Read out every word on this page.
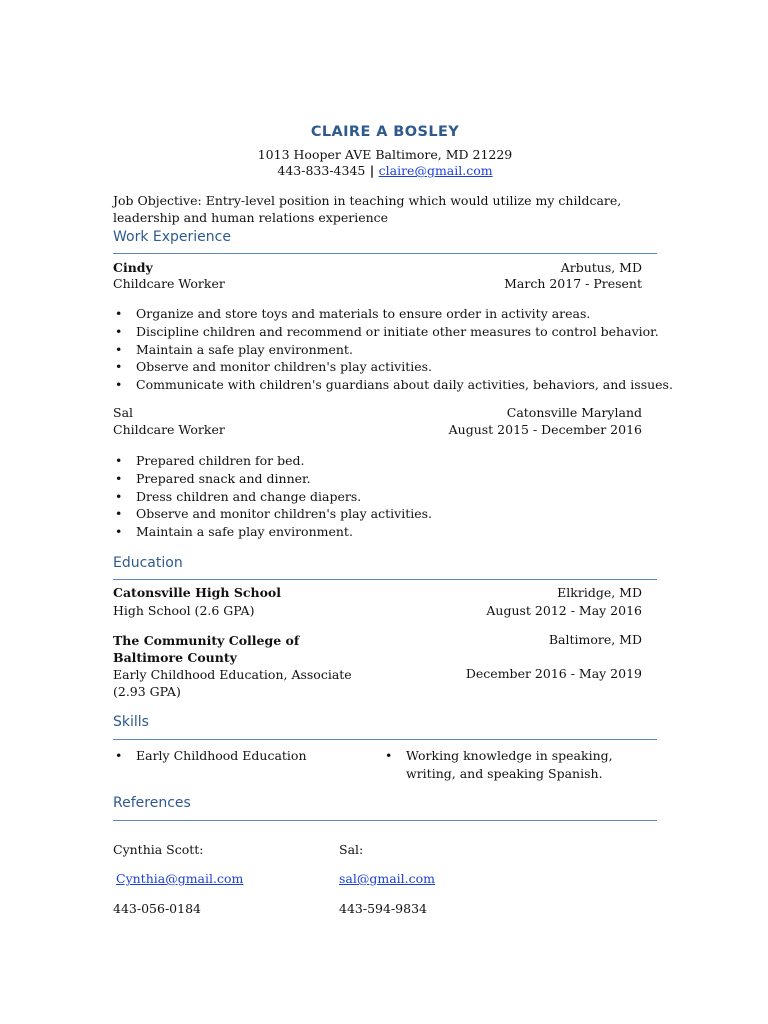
CLAIRE A BOSLEY
1013 Hooper AVE Baltimore, MD 21229
443-833-4345 | claire@gmail.com
Job Objective: Entry-level position in teaching which would utilize my childcare, leadership and human relations experience
Work Experience
Cindy	Arbutus, MD
Childcare Worker	March 2017 - Present
• Organize and store toys and materials to ensure order in activity areas.
• Discipline children and recommend or initiate other measures to control behavior.
• Maintain a safe play environment.
• Observe and monitor children's play activities.
• Communicate with children's guardians about daily activities, behaviors, and issues.
Sal	Catonsville Maryland
Childcare Worker	August 2015 - December 2016
• Prepared children for bed.
• Prepared snack and dinner.
• Dress children and change diapers.
• Observe and monitor children's play activities.
• Maintain a safe play environment.
Education
Catonsville High School	Elkridge, MD
High School (2.6 GPA)	August 2012 - May 2016
The Community College of Baltimore County
Baltimore, MD
Early Childhood Education, Associate (2.93 GPA)
December 2016 - May 2019
Skills
• Early Childhood Education
•	Working knowledge in speaking, writing, and speaking Spanish.
References
Cynthia Scott:
Cynthia@gmail.com
443-056-0184
Sal:
sal@gmail.com
443-594-9834
